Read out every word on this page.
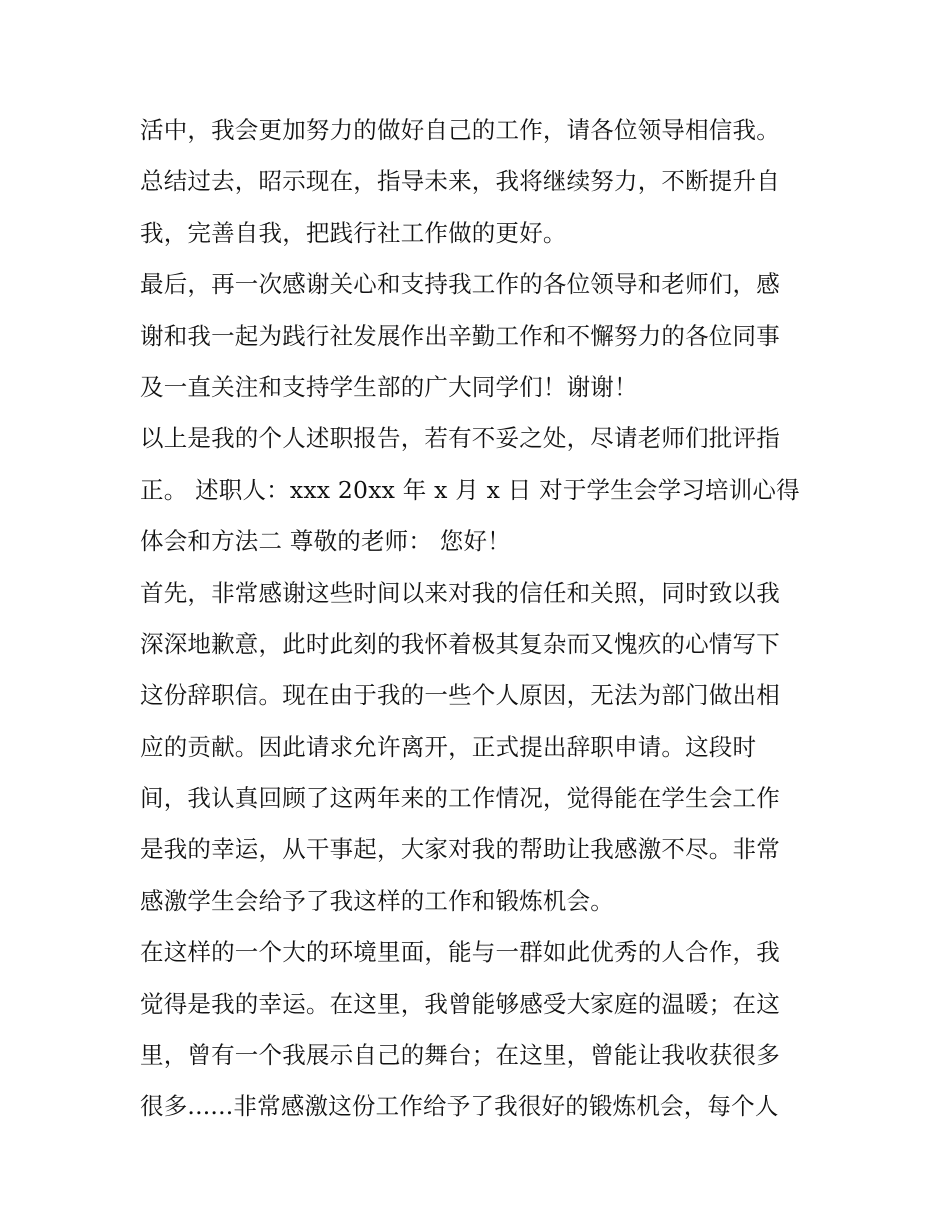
活中，我会更加努力的做好自己的工作，请各位领导相信我。
总结过去，昭示现在，指导未来，我将继续努力，不断提升自
我，完善自我，把践行社工作做的更好。
最后，再一次感谢关心和支持我工作的各位领导和老师们，感
谢和我一起为践行社发展作出辛勤工作和不懈努力的各位同事
及一直关注和支持学生部的广大同学们！谢谢！
以上是我的个人述职报告，若有不妥之处，尽请老师们批评指
正。 述职人：xxx 20xx 年 x 月 x 日 对于学生会学习培训心得
体会和方法二 尊敬的老师： 您好！
首先，非常感谢这些时间以来对我的信任和关照，同时致以我
深深地歉意，此时此刻的我怀着极其复杂而又愧疚的心情写下
这份辞职信。现在由于我的一些个人原因，无法为部门做出相
应的贡献。因此请求允许离开，正式提出辞职申请。这段时
间，我认真回顾了这两年来的工作情况，觉得能在学生会工作
是我的幸运，从干事起，大家对我的帮助让我感激不尽。非常
感激学生会给予了我这样的工作和锻炼机会。
在这样的一个大的环境里面，能与一群如此优秀的人合作，我
觉得是我的幸运。在这里，我曾能够感受大家庭的温暖；在这
里，曾有一个我展示自己的舞台；在这里，曾能让我收获很多
很多......非常感激这份工作给予了我很好的锻炼机会，每个人
